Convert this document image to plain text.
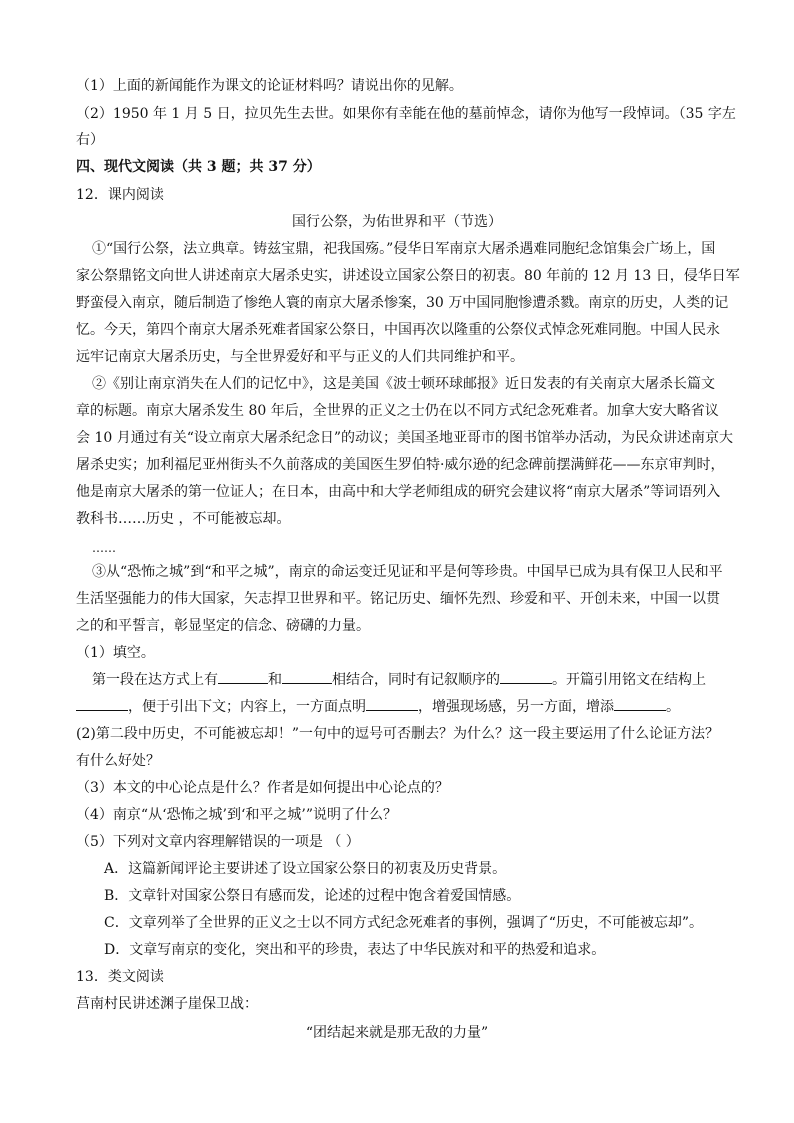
（1）上面的新闻能作为课文的论证材料吗？请说出你的见解。
（2）1950 年 1 月 5 日，拉贝先生去世。如果你有幸能在他的墓前悼念，请你为他写一段悼词。（35 字左
右）
四、现代文阅读（共 3 题；共 37 分）
12．课内阅读
国行公祭，为佑世界和平（节选）
①“国行公祭，法立典章。铸兹宝鼎，祀我国殇。”侵华日军南京大屠杀遇难同胞纪念馆集会广场上，国
家公祭鼎铭文向世人讲述南京大屠杀史实，讲述设立国家公祭日的初衷。80 年前的 12 月 13 日，侵华日军
野蛮侵入南京，随后制造了惨绝人寰的南京大屠杀惨案，30 万中国同胞惨遭杀戮。南京的历史，人类的记
忆。今天，第四个南京大屠杀死难者国家公祭日，中国再次以隆重的公祭仪式悼念死难同胞。中国人民永
远牢记南京大屠杀历史，与全世界爱好和平与正义的人们共同维护和平。
②《别让南京消失在人们的记忆中》，这是美国《波士顿环球邮报》近日发表的有关南京大屠杀长篇文
章的标题。南京大屠杀发生 80 年后，全世界的正义之士仍在以不同方式纪念死难者。加拿大安大略省议
会 10 月通过有关“设立南京大屠杀纪念日”的动议；美国圣地亚哥市的图书馆举办活动，为民众讲述南京大
屠杀史实；加利福尼亚州街头不久前落成的美国医生罗伯特·威尔逊的纪念碑前摆满鲜花——东京审判时，
他是南京大屠杀的第一位证人；在日本，由高中和大学老师组成的研究会建议将“南京大屠杀”等词语列入
教科书……历史 ，不可能被忘却。
……
③从“恐怖之城”到“和平之城”，南京的命运变迁见证和平是何等珍贵。中国早已成为具有保卫人民和平
生活坚强能力的伟大国家，矢志捍卫世界和平。铭记历史、缅怀先烈、珍爱和平、开创未来，中国一以贯
之的和平誓言，彰显坚定的信念、磅礴的力量。
（1）填空。
第一段在达方式上有	和	相结合，同时有记叙顺序的	。开篇引用铭文在结构上
，便于引出下文；内容上，一方面点明	，增强现场感，另一方面，增添	。
(2)第二段中历史，不可能被忘却！”一句中的逗号可否删去？为什么？这一段主要运用了什么论证方法？
有什么好处？
（3）本文的中心论点是什么？作者是如何提出中心论点的？
（4）南京“从‘恐怖之城’到‘和平之城’”说明了什么？
（5）下列对文章内容理解错误的一项是 （ ）
A．这篇新闻评论主要讲述了设立国家公祭日的初衷及历史背景。
B．文章针对国家公祭日有感而发，论述的过程中饱含着爱国情感。
C．文章列举了全世界的正义之士以不同方式纪念死难者的事例，强调了“历史，不可能被忘却”。
D．文章写南京的变化，突出和平的珍贵，表达了中华民族对和平的热爱和追求。
13．类文阅读
莒南村民讲述渊子崖保卫战：
“团结起来就是那无敌的力量”
